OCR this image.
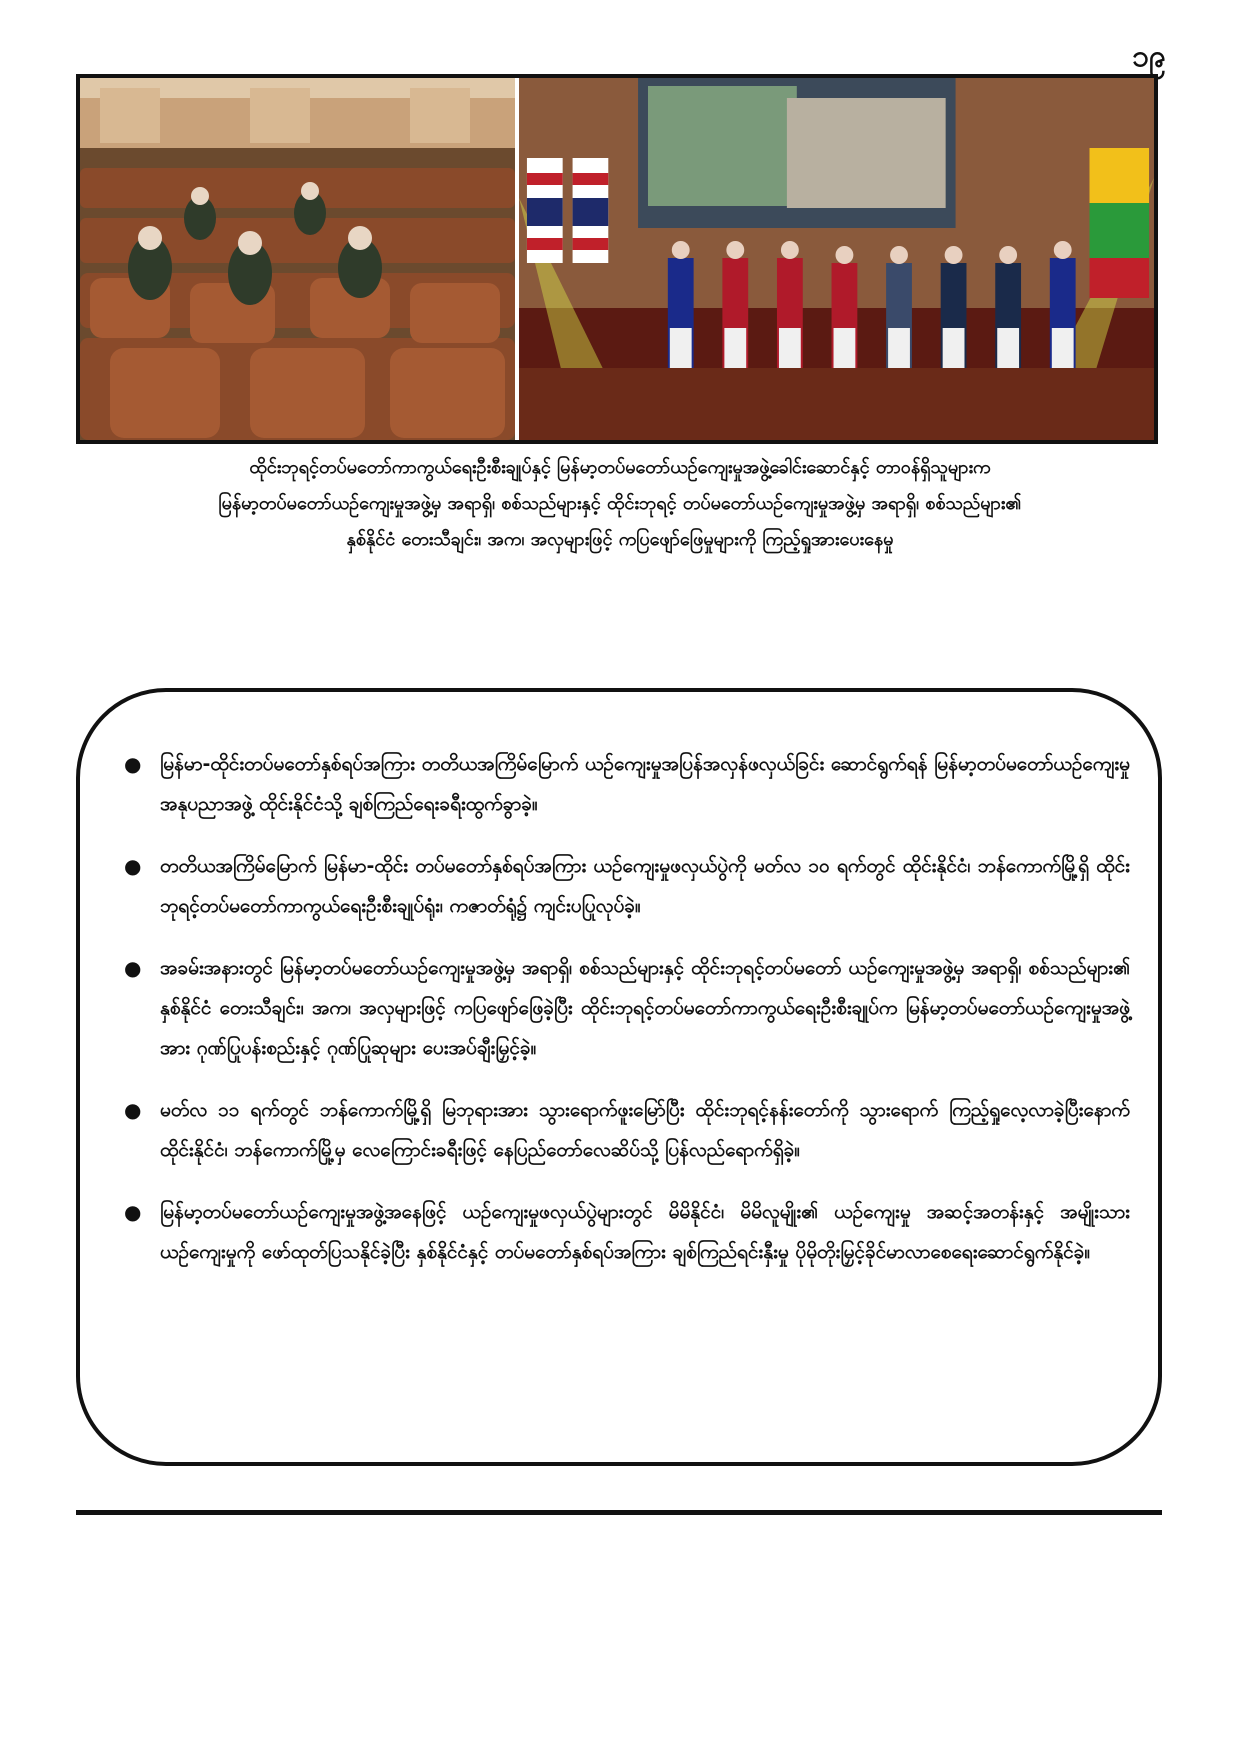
၁၉
ထိုင်းဘုရင့်တပ်မတော်ကာကွယ်ရေးဦးစီးချုပ်နှင့် မြန်မာ့တပ်မတော်ယဉ်ကျေးမှုအဖွဲ့ခေါင်းဆောင်နှင့် တာဝန်ရှိသူများက
မြန်မာ့တပ်မတော်ယဉ်ကျေးမှုအဖွဲ့မှ အရာရှိ၊ စစ်သည်များနှင့် ထိုင်းဘုရင့် တပ်မတော်ယဉ်ကျေးမှုအဖွဲ့မှ အရာရှိ၊ စစ်သည်များ၏
နှစ်နိုင်ငံ တေးသီချင်း၊ အက၊ အလှများဖြင့် ကပြဖျော်ဖြေမှုများကို ကြည့်ရှုအားပေးနေမှု
● မြန်မာ-ထိုင်းတပ်မတော်နှစ်ရပ်အကြား တတိယအကြိမ်မြောက် ယဉ်ကျေးမှုအပြန်အလှန်ဖလှယ်ခြင်း ဆောင်ရွက်ရန် မြန်မာ့တပ်မတော်ယဉ်ကျေးမှုအနုပညာအဖွဲ့ ထိုင်းနိုင်ငံသို့ ချစ်ကြည်ရေးခရီးထွက်ခွာခဲ့။
● တတိယအကြိမ်မြောက် မြန်မာ-ထိုင်း တပ်မတော်နှစ်ရပ်အကြား ယဉ်ကျေးမှုဖလှယ်ပွဲကို မတ်လ ၁၀ ရက်တွင် ထိုင်းနိုင်ငံ၊ ဘန်ကောက်မြို့ရှိ ထိုင်းဘုရင့်တပ်မတော်ကာကွယ်ရေးဦးစီးချုပ်ရုံး၊ ကဇာတ်ရုံ၌ ကျင်းပပြုလုပ်ခဲ့။
● အခမ်းအနားတွင် မြန်မာ့တပ်မတော်ယဉ်ကျေးမှုအဖွဲ့မှ အရာရှိ၊ စစ်သည်များနှင့် ထိုင်းဘုရင့်တပ်မတော် ယဉ်ကျေးမှုအဖွဲ့မှ အရာရှိ၊ စစ်သည်များ၏ နှစ်နိုင်ငံ တေးသီချင်း၊ အက၊ အလှများဖြင့် ကပြဖျော်ဖြေခဲ့ပြီး ထိုင်းဘုရင့်တပ်မတော်ကာကွယ်ရေးဦးစီးချုပ်က မြန်မာ့တပ်မတော်ယဉ်ကျေးမှုအဖွဲ့အား ဂုဏ်ပြုပန်းစည်းနှင့် ဂုဏ်ပြုဆုများ ပေးအပ်ချီးမြှင့်ခဲ့။
● မတ်လ ၁၁ ရက်တွင် ဘန်ကောက်မြို့ရှိ မြဘုရားအား သွားရောက်ဖူးမြော်ပြီး ထိုင်းဘုရင့်နန်းတော်ကို သွားရောက် ကြည့်ရှုလေ့လာခဲ့ပြီးနောက် ထိုင်းနိုင်ငံ၊ ဘန်ကောက်မြို့မှ လေကြောင်းခရီးဖြင့် နေပြည်တော်လေဆိပ်သို့ ပြန်လည်ရောက်ရှိခဲ့။
● မြန်မာ့တပ်မတော်ယဉ်ကျေးမှုအဖွဲ့အနေဖြင့် ယဉ်ကျေးမှုဖလှယ်ပွဲများတွင် မိမိနိုင်ငံ၊ မိမိလူမျိုး၏ ယဉ်ကျေးမှု အဆင့်အတန်းနှင့် အမျိုးသားယဉ်ကျေးမှုကို ဖော်ထုတ်ပြသနိုင်ခဲ့ပြီး နှစ်နိုင်ငံနှင့် တပ်မတော်နှစ်ရပ်အကြား ချစ်ကြည်ရင်းနှီးမှု ပိုမိုတိုးမြှင့်ခိုင်မာလာစေရေးဆောင်ရွက်နိုင်ခဲ့။
